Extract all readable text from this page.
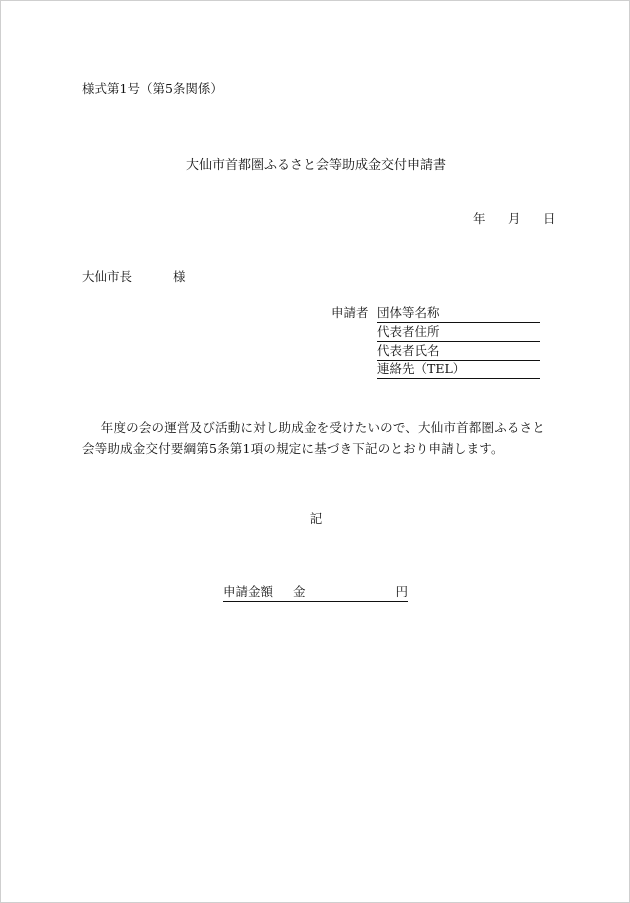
様式第1号（第5条関係）
大仙市首都圏ふるさと会等助成金交付申請書
年 月 日
大仙市長	様
申請者 団体等名称
代表者住所
代表者氏名
連絡先（TEL）
年度の会の運営及び活動に対し助成金を受けたいので、大仙市首都圏ふるさと会等助成金交付要綱第5条第1項の規定に基づき下記のとおり申請します。
記
申請金額 金	円
